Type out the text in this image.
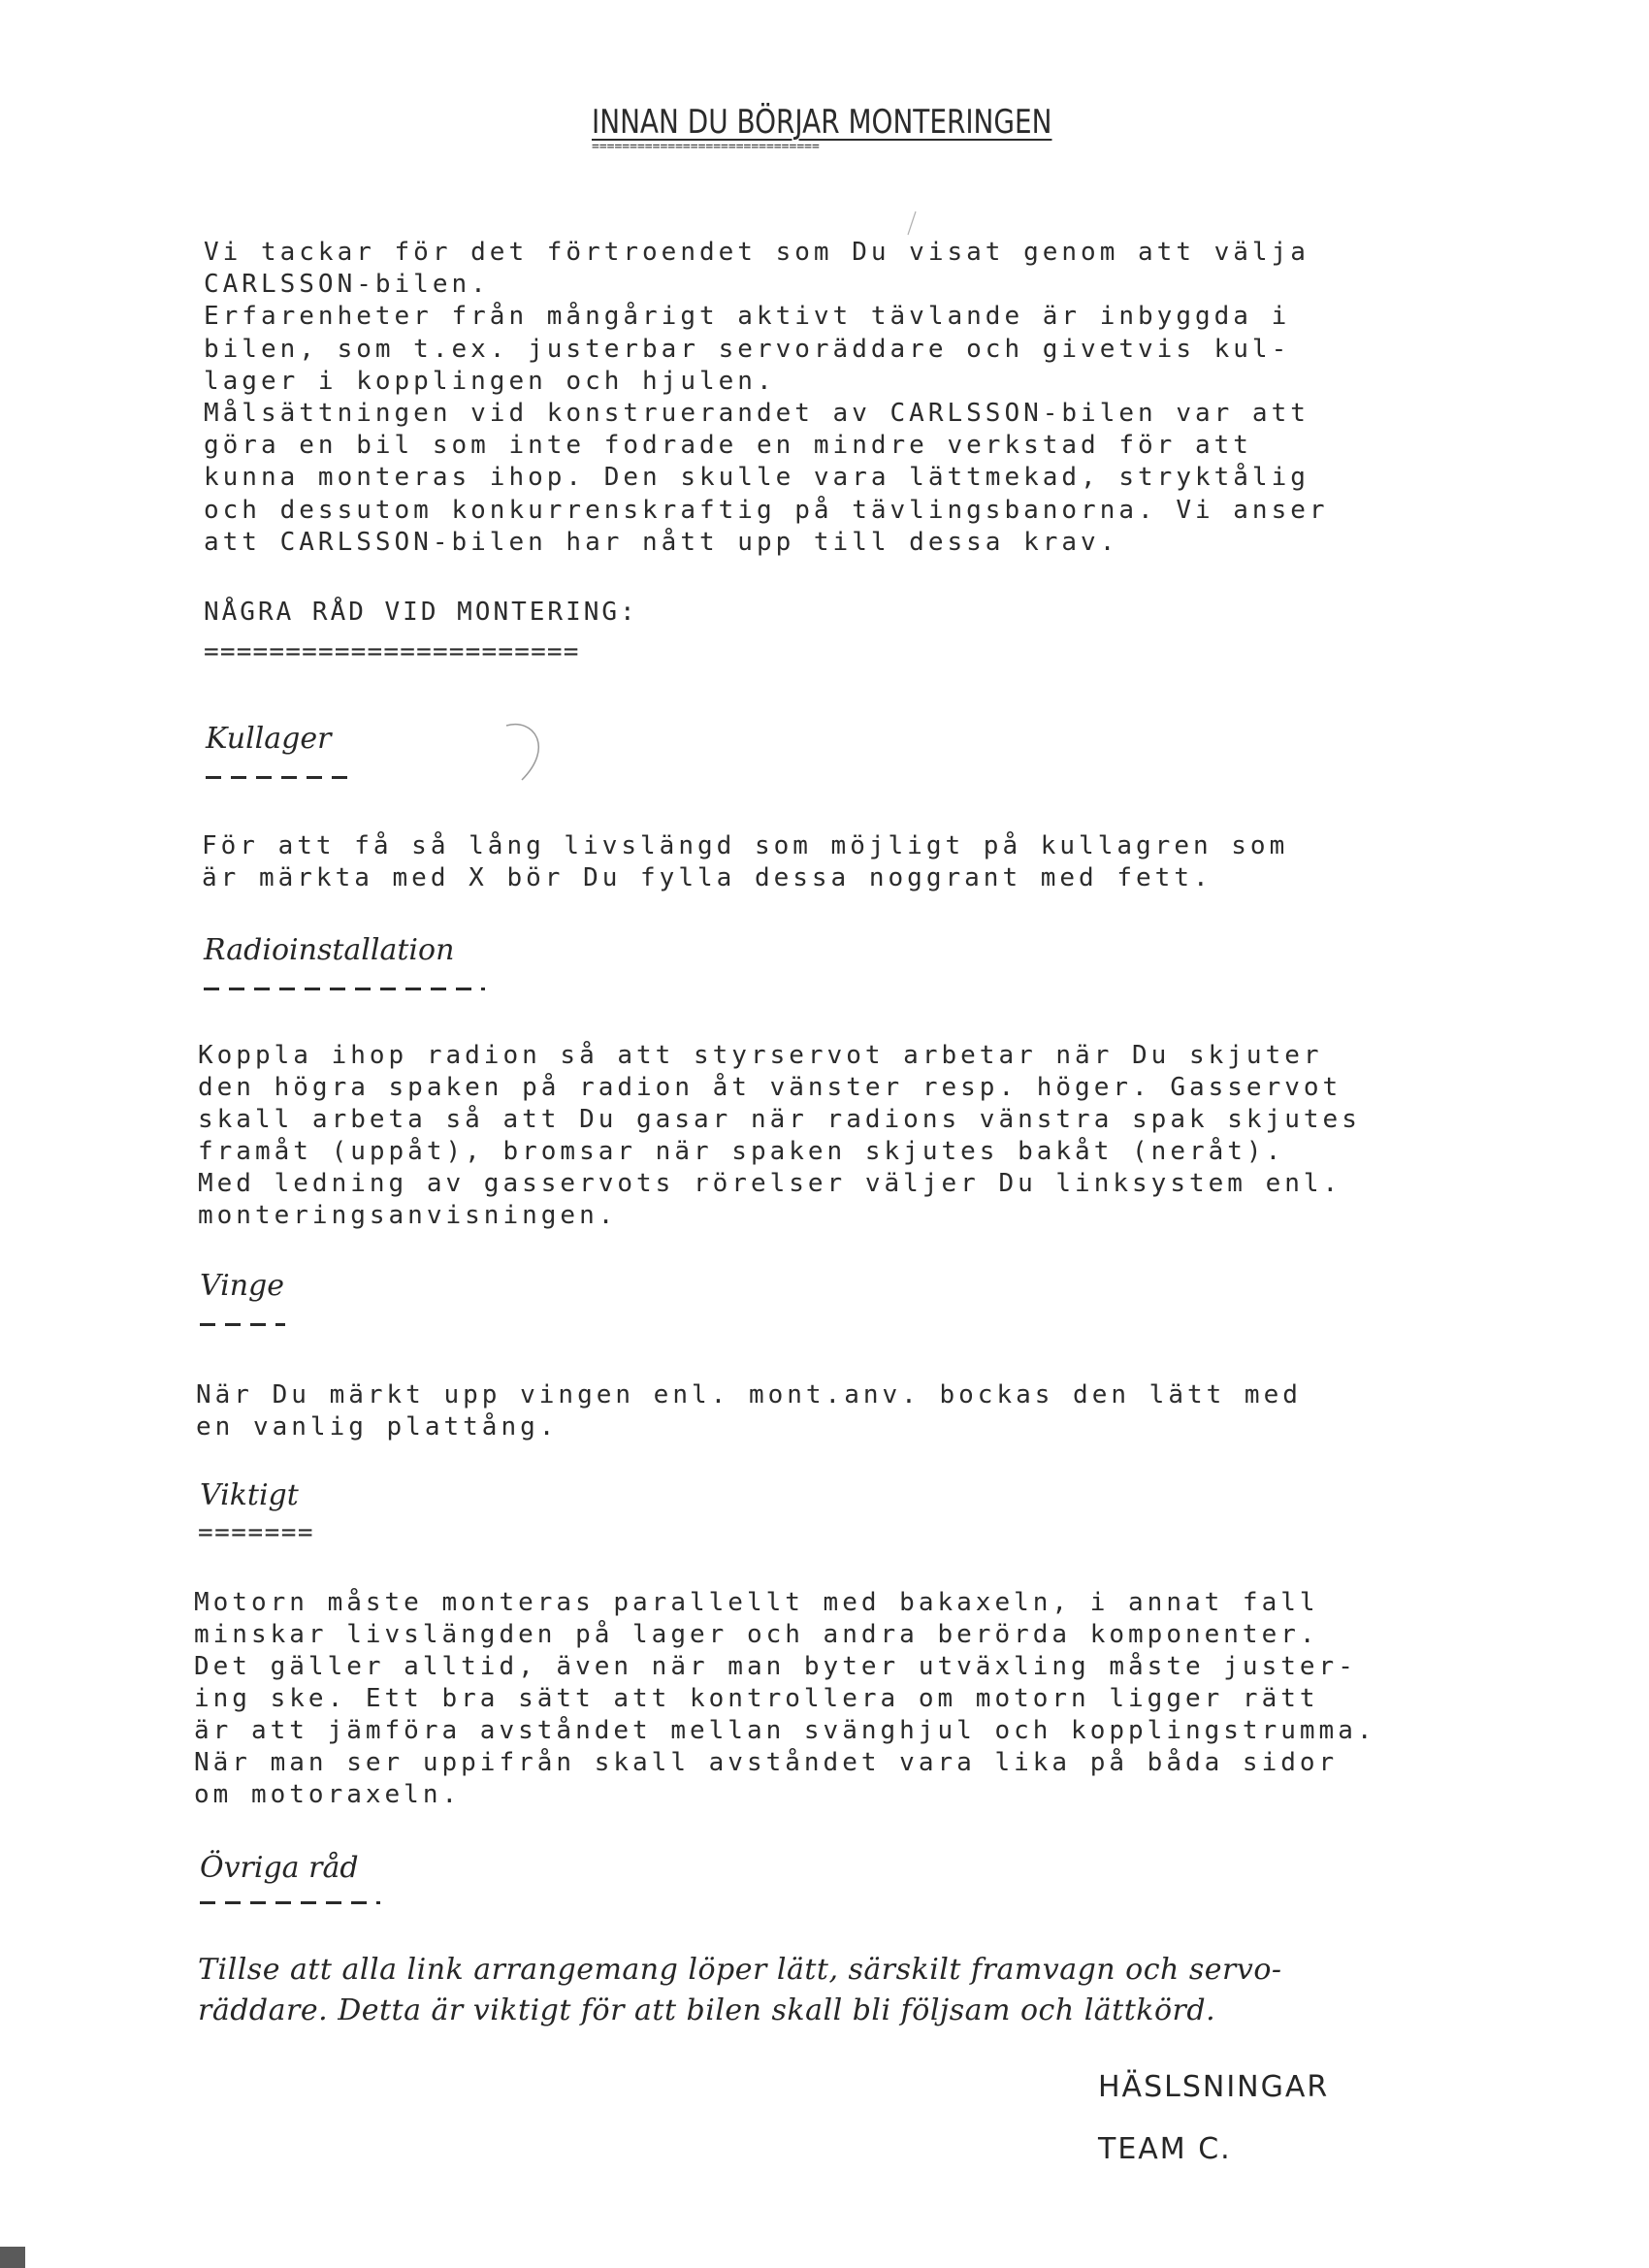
INNAN DU BÖRJAR MONTERINGEN
==============================
Vi tackar för det förtroendet som Du visat genom att välja
CARLSSON-bilen.
Erfarenheter från mångårigt aktivt tävlande är inbyggda i
bilen, som t.ex. justerbar servoräddare och givetvis kul-
lager i kopplingen och hjulen.
Målsättningen vid konstruerandet av CARLSSON-bilen var att
göra en bil som inte fodrade en mindre verkstad för att
kunna monteras ihop. Den skulle vara lättmekad, stryktålig
och dessutom konkurrenskraftig på tävlingsbanorna. Vi anser
att CARLSSON-bilen har nått upp till dessa krav.
NÅGRA RÅD VID MONTERING:
=======================
Kullager
För att få så lång livslängd som möjligt på kullagren som
är märkta med X bör Du fylla dessa noggrant med fett.
Radioinstallation
Koppla ihop radion så att styrservot arbetar när Du skjuter
den högra spaken på radion åt vänster resp. höger. Gasservot
skall arbeta så att Du gasar när radions vänstra spak skjutes
framåt (uppåt), bromsar när spaken skjutes bakåt (neråt).
Med ledning av gasservots rörelser väljer Du linksystem enl.
monteringsanvisningen.
Vinge
När Du märkt upp vingen enl. mont.anv. bockas den lätt med
en vanlig plattång.
Viktigt
=======
Motorn måste monteras parallellt med bakaxeln, i annat fall
minskar livslängden på lager och andra berörda komponenter.
Det gäller alltid, även när man byter utväxling måste juster-
ing ske. Ett bra sätt att kontrollera om motorn ligger rätt
är att jämföra avståndet mellan svänghjul och kopplingstrumma.
När man ser uppifrån skall avståndet vara lika på båda sidor
om motoraxeln.
Övriga råd
Tillse att alla link arrangemang löper lätt, särskilt framvagn och servo-
räddare. Detta är viktigt för att bilen skall bli följsam och lättkörd.
HÄSLSNINGAR
TEAM C.
